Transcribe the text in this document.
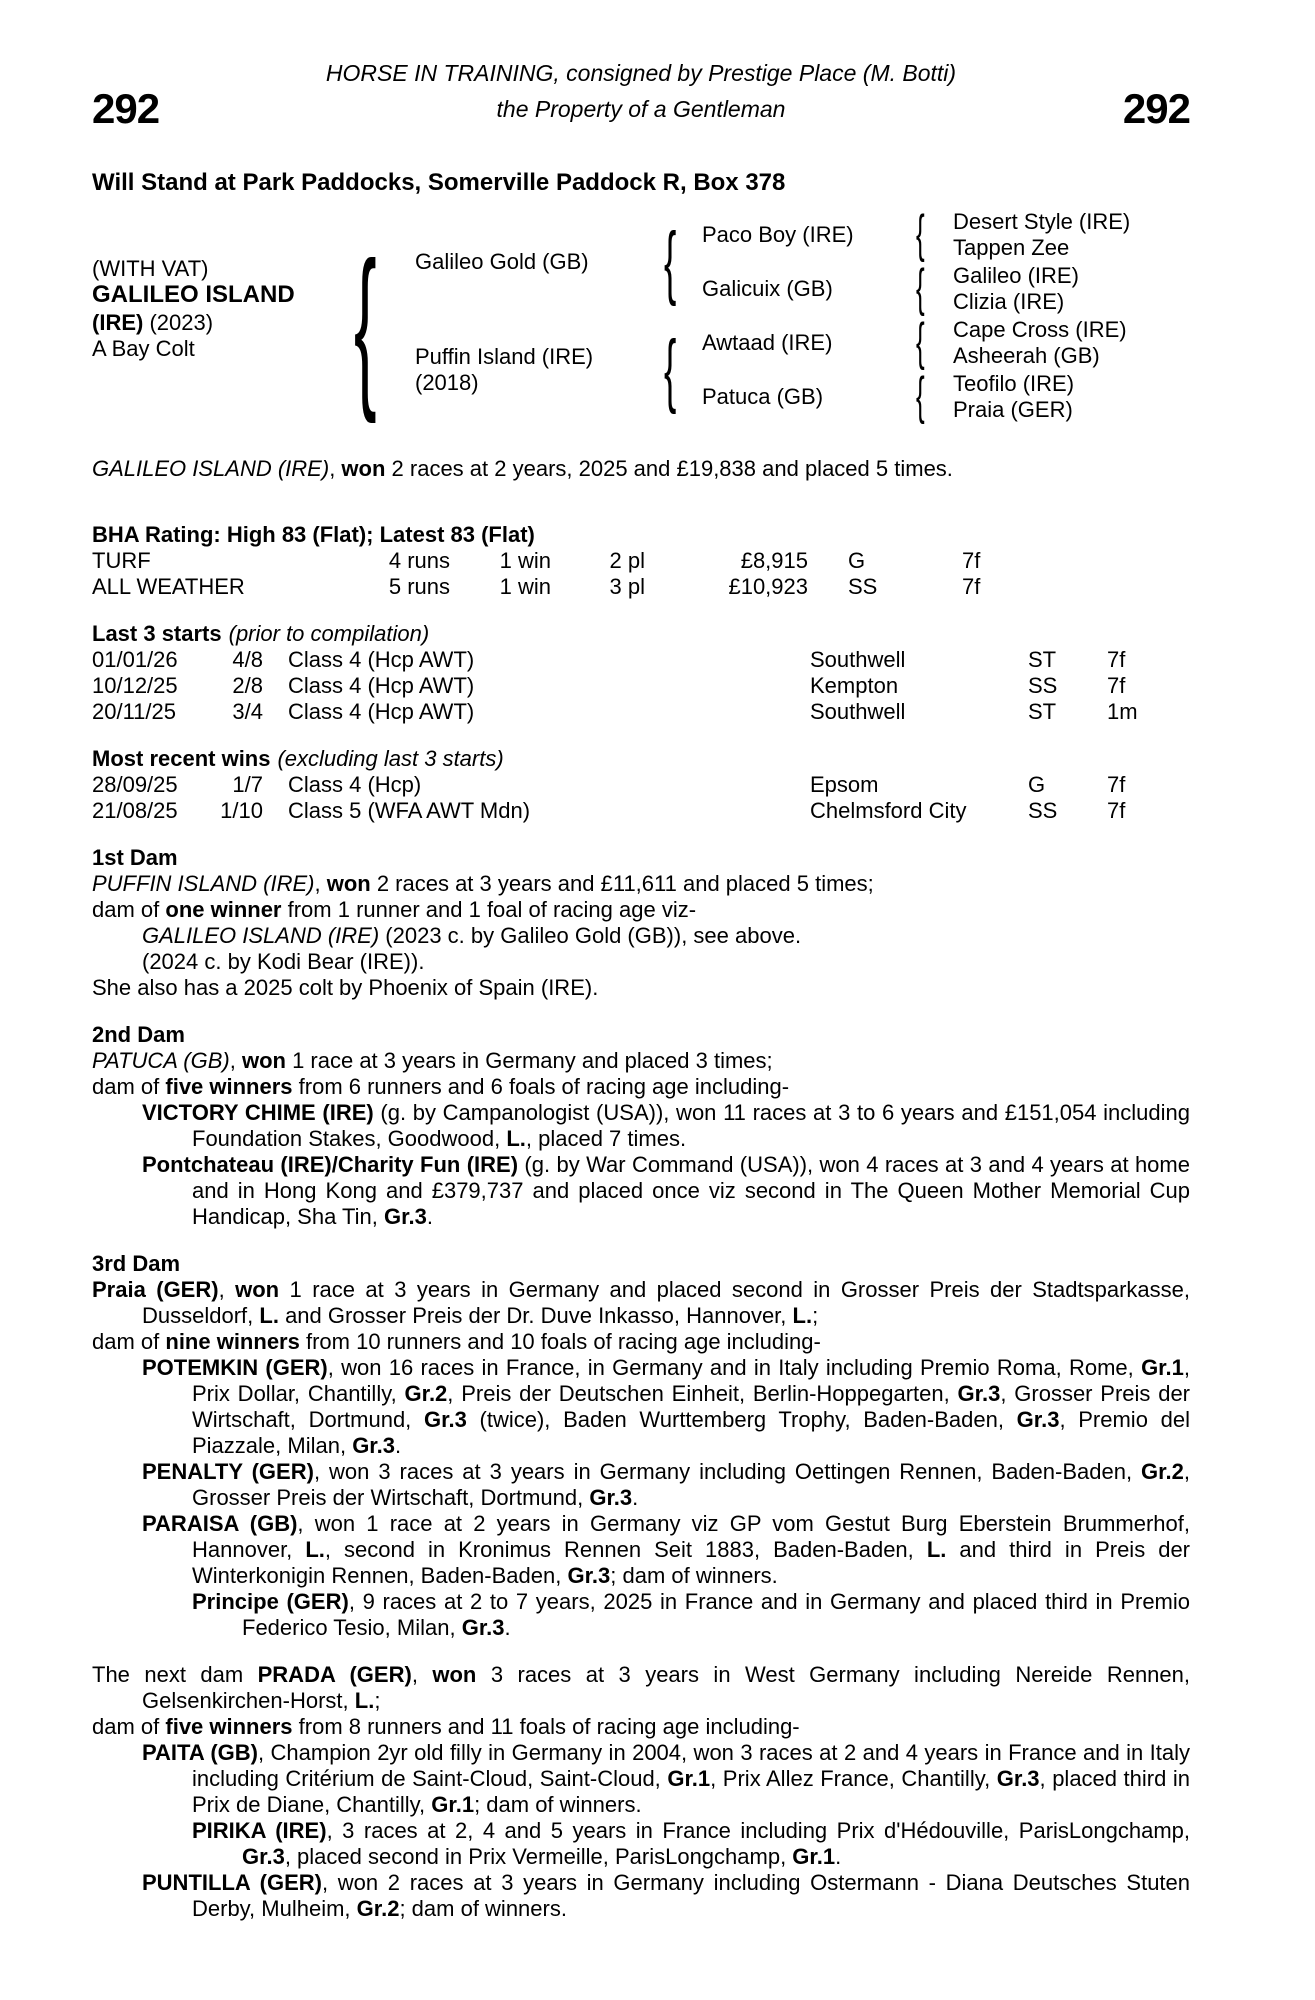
HORSE IN TRAINING, consigned by Prestige Place (M. Botti)
292	the Property of a Gentleman	292
Will Stand at Park Paddocks, Somerville Paddock R, Box 378
(WITH VAT)
GALILEO ISLAND
(IRE) (2023)
A Bay Colt
{
Galileo Gold (GB)
Puffin Island (IRE)
(2018)
{
{
Paco Boy (IRE)
Galicuix (GB)
Awtaad (IRE)
Patuca (GB)
{
{
{
{
Desert Style (IRE)
Tappen Zee
Galileo (IRE)
Clizia (IRE)
Cape Cross (IRE)
Asheerah (GB)
Teofilo (IRE)
Praia (GER)
GALILEO ISLAND (IRE), won 2 races at 2 years, 2025 and £19,838 and placed 5 times.
BHA Rating: High 83 (Flat); Latest 83 (Flat)
TURF	4 runs	1 win	2 pl	£8,915	G	7f
ALL WEATHER	5 runs	1 win	3 pl	£10,923	SS	7f
Last 3 starts (prior to compilation)
01/01/26	4/8	Class 4 (Hcp AWT)	Southwell	ST	7f
10/12/25	2/8	Class 4 (Hcp AWT)	Kempton	SS	7f
20/11/25	3/4	Class 4 (Hcp AWT)	Southwell	ST	1m
Most recent wins (excluding last 3 starts)
28/09/25	1/7	Class 4 (Hcp)	Epsom	G	7f
21/08/25	1/10	Class 5 (WFA AWT Mdn)	Chelmsford City	SS	7f
1st Dam
PUFFIN ISLAND (IRE), won 2 races at 3 years and £11,611 and placed 5 times;
dam of one winner from 1 runner and 1 foal of racing age viz-
GALILEO ISLAND (IRE) (2023 c. by Galileo Gold (GB)), see above.
(2024 c. by Kodi Bear (IRE)).
She also has a 2025 colt by Phoenix of Spain (IRE).
2nd Dam
PATUCA (GB), won 1 race at 3 years in Germany and placed 3 times;
dam of five winners from 6 runners and 6 foals of racing age including-
VICTORY CHIME (IRE) (g. by Campanologist (USA)), won 11 races at 3 to 6 years and £151,054 including Foundation Stakes, Goodwood, L., placed 7 times.
Pontchateau (IRE)/Charity Fun (IRE) (g. by War Command (USA)), won 4 races at 3 and 4 years at home and in Hong Kong and £379,737 and placed once viz second in The Queen Mother Memorial Cup Handicap, Sha Tin, Gr.3.
3rd Dam
Praia (GER), won 1 race at 3 years in Germany and placed second in Grosser Preis der Stadtsparkasse, Dusseldorf, L. and Grosser Preis der Dr. Duve Inkasso, Hannover, L.;
dam of nine winners from 10 runners and 10 foals of racing age including-
POTEMKIN (GER), won 16 races in France, in Germany and in Italy including Premio Roma, Rome, Gr.1, Prix Dollar, Chantilly, Gr.2, Preis der Deutschen Einheit, Berlin-Hoppegarten, Gr.3, Grosser Preis der Wirtschaft, Dortmund, Gr.3 (twice), Baden Wurttemberg Trophy, Baden-Baden, Gr.3, Premio del Piazzale, Milan, Gr.3.
PENALTY (GER), won 3 races at 3 years in Germany including Oettingen Rennen, Baden-Baden, Gr.2, Grosser Preis der Wirtschaft, Dortmund, Gr.3.
PARAISA (GB), won 1 race at 2 years in Germany viz GP vom Gestut Burg Eberstein Brummerhof, Hannover, L., second in Kronimus Rennen Seit 1883, Baden-Baden, L. and third in Preis der Winterkonigin Rennen, Baden-Baden, Gr.3; dam of winners.
Principe (GER), 9 races at 2 to 7 years, 2025 in France and in Germany and placed third in Premio Federico Tesio, Milan, Gr.3.
The next dam PRADA (GER), won 3 races at 3 years in West Germany including Nereide Rennen, Gelsenkirchen-Horst, L.;
dam of five winners from 8 runners and 11 foals of racing age including-
PAITA (GB), Champion 2yr old filly in Germany in 2004, won 3 races at 2 and 4 years in France and in Italy including Critérium de Saint-Cloud, Saint-Cloud, Gr.1, Prix Allez France, Chantilly, Gr.3, placed third in Prix de Diane, Chantilly, Gr.1; dam of winners.
PIRIKA (IRE), 3 races at 2, 4 and 5 years in France including Prix d'Hédouville, ParisLongchamp, Gr.3, placed second in Prix Vermeille, ParisLongchamp, Gr.1.
PUNTILLA (GER), won 2 races at 3 years in Germany including Ostermann - Diana Deutsches Stuten Derby, Mulheim, Gr.2; dam of winners.
